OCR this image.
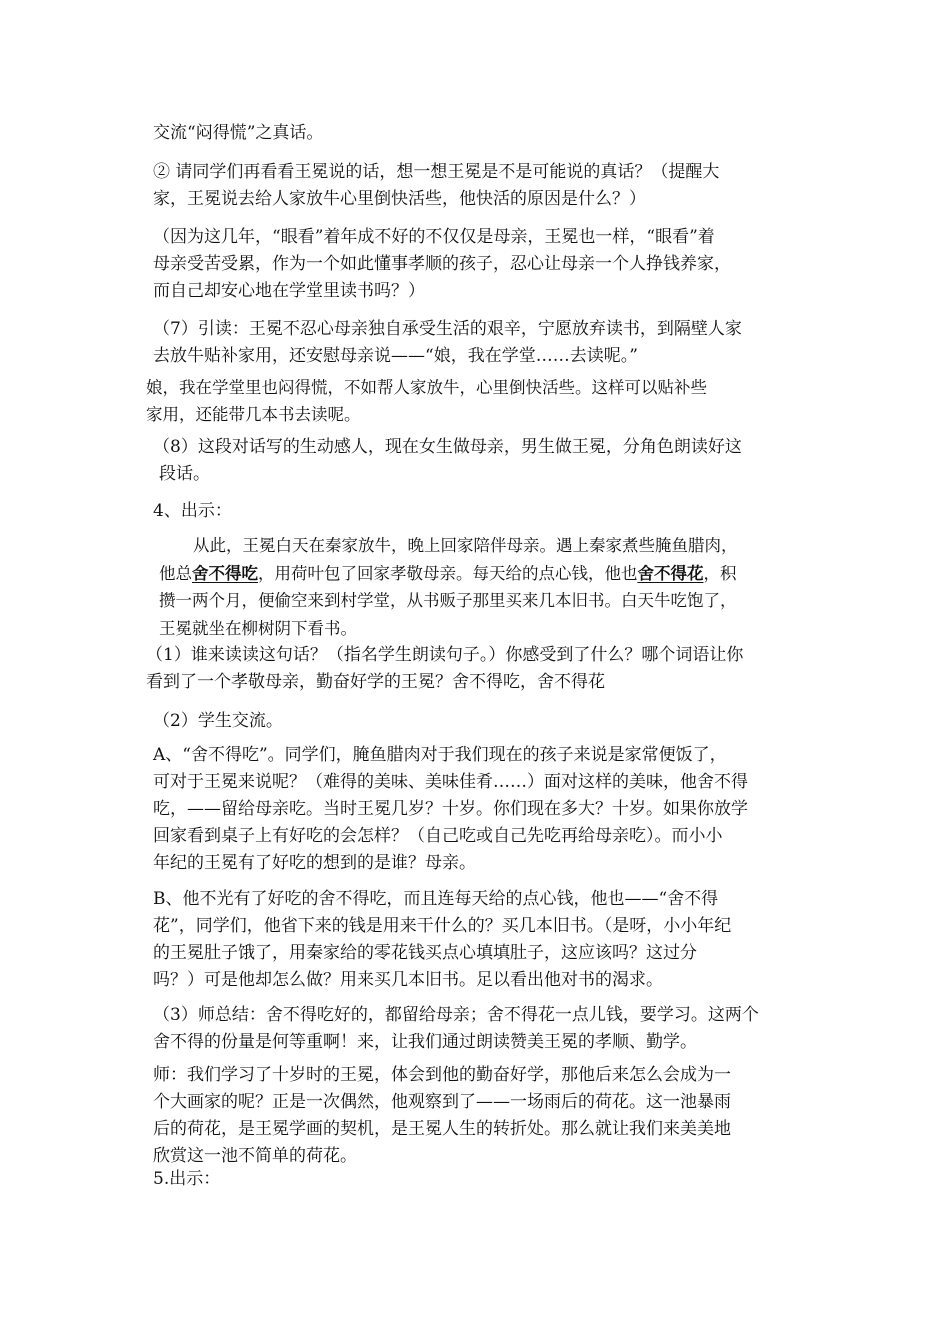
交流“闷得慌”之真话。

② 请同学们再看看王冕说的话，想一想王冕是不是可能说的真话？（提醒大
家，王冕说去给人家放牛心里倒快活些，他快活的原因是什么？）

（因为这几年，“眼看”着年成不好的不仅仅是母亲，王冕也一样，“眼看”着
母亲受苦受累，作为一个如此懂事孝顺的孩子，忍心让母亲一个人挣钱养家，
而自己却安心地在学堂里读书吗？）

（7）引读：王冕不忍心母亲独自承受生活的艰辛，宁愿放弃读书，到隔壁人家
去放牛贴补家用，还安慰母亲说——“娘，我在学堂……去读呢。”

娘，我在学堂里也闷得慌，不如帮人家放牛，心里倒快活些。这样可以贴补些
家用，还能带几本书去读呢。

（8）这段对话写的生动感人，现在女生做母亲，男生做王冕，分角色朗读好这
段话。

4、出示：

从此，王冕白天在秦家放牛，晚上回家陪伴母亲。遇上秦家煮些腌鱼腊肉，
他总舍不得吃，用荷叶包了回家孝敬母亲。每天给的点心钱，他也舍不得花，积
攒一两个月，便偷空来到村学堂，从书贩子那里买来几本旧书。白天牛吃饱了，
王冕就坐在柳树阴下看书。

（1）谁来读读这句话？（指名学生朗读句子。）你感受到了什么？哪个词语让你
看到了一个孝敬母亲，勤奋好学的王冕？舍不得吃，舍不得花

（2）学生交流。

A、“舍不得吃”。同学们，腌鱼腊肉对于我们现在的孩子来说是家常便饭了，
可对于王冕来说呢？（难得的美味、美味佳肴……）面对这样的美味，他舍不得
吃，——留给母亲吃。当时王冕几岁？十岁。你们现在多大？十岁。如果你放学
回家看到桌子上有好吃的会怎样？（自己吃或自己先吃再给母亲吃）。而小小
年纪的王冕有了好吃的想到的是谁？母亲。

B、他不光有了好吃的舍不得吃，而且连每天给的点心钱，他也——“舍不得
花”，同学们，他省下来的钱是用来干什么的？买几本旧书。（是呀，小小年纪
的王冕肚子饿了，用秦家给的零花钱买点心填填肚子，这应该吗？这过分
吗？）可是他却怎么做？用来买几本旧书。足以看出他对书的渴求。

（3）师总结：舍不得吃好的，都留给母亲；舍不得花一点儿钱，要学习。这两个
舍不得的份量是何等重啊！来，让我们通过朗读赞美王冕的孝顺、勤学。

师：我们学习了十岁时的王冕，体会到他的勤奋好学，那他后来怎么会成为一
个大画家的呢？正是一次偶然，他观察到了——一场雨后的荷花。这一池暴雨
后的荷花，是王冕学画的契机，是王冕人生的转折处。那么就让我们来美美地
欣赏这一池不简单的荷花。

5.出示：
